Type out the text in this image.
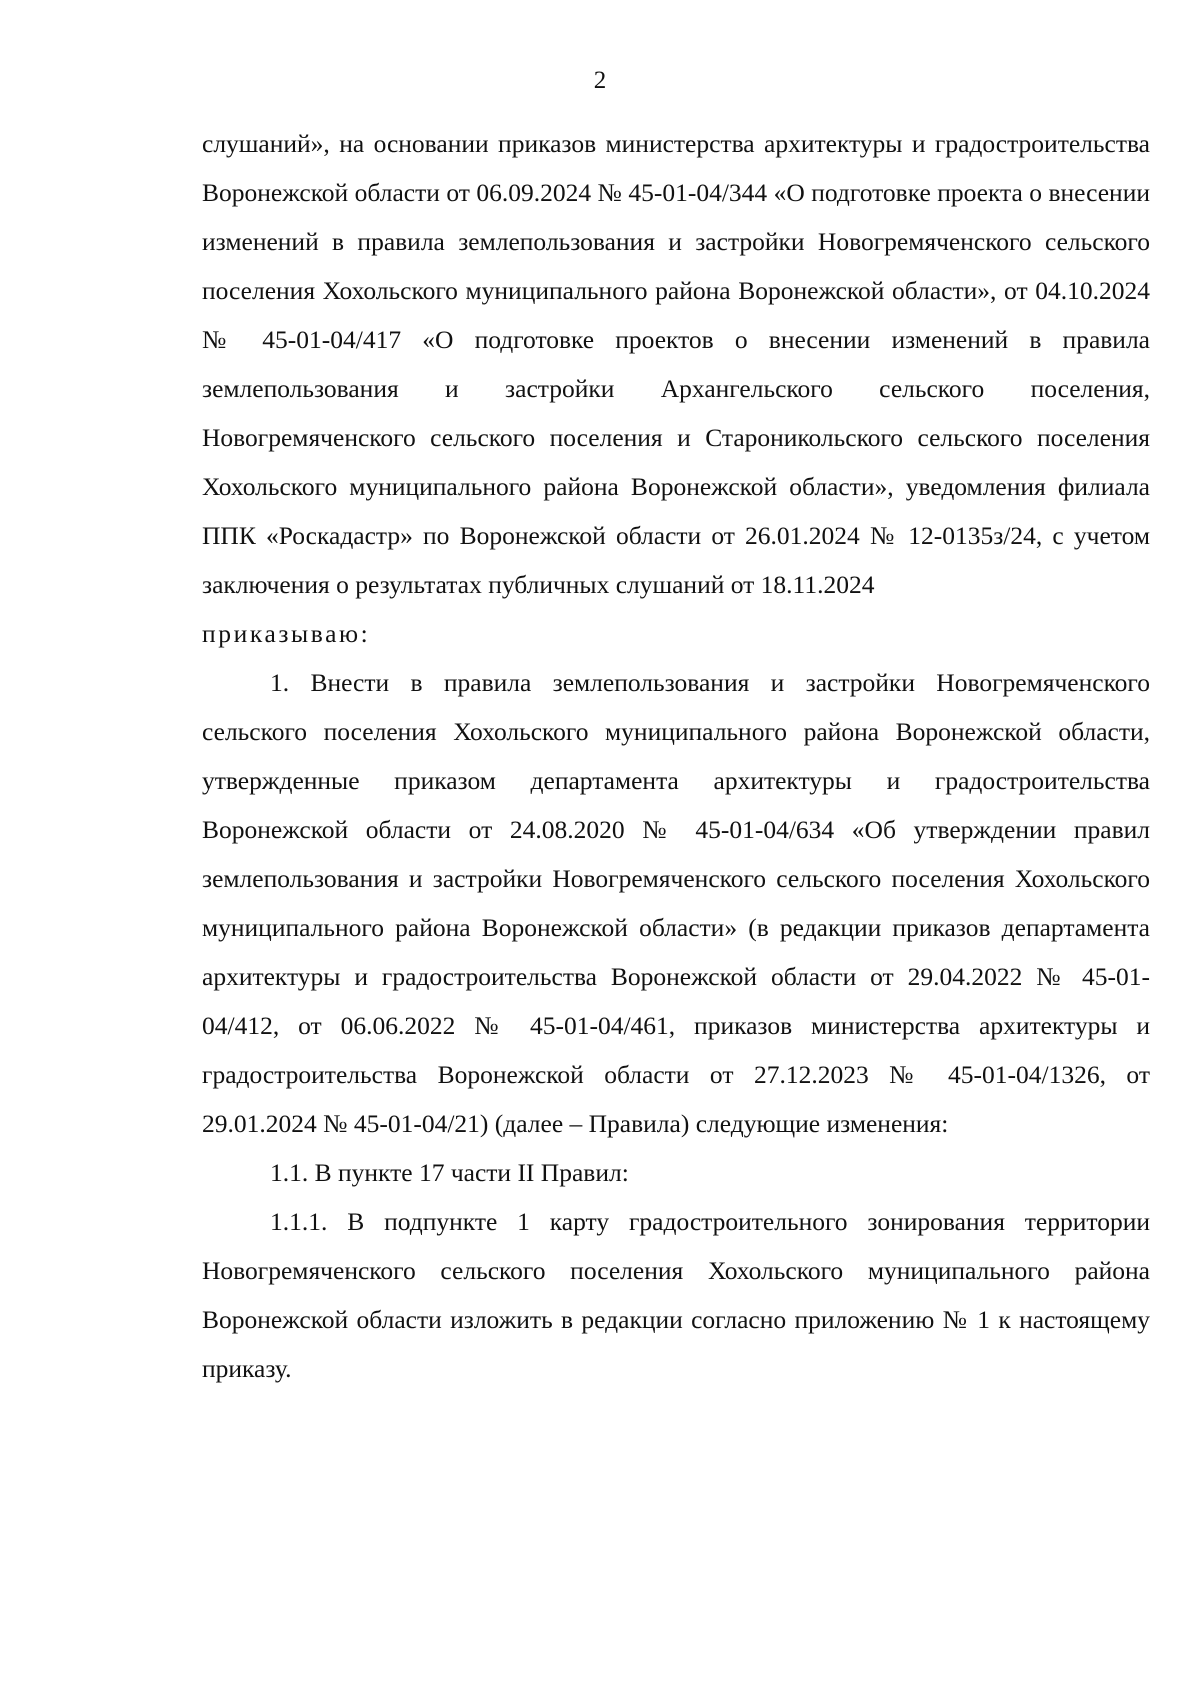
2

слушаний», на основании приказов министерства архитектуры и градостроительства Воронежской области от 06.09.2024 № 45-01-04/344 «О подготовке проекта о внесении изменений в правила землепользования и застройки Новогремяченского сельского поселения Хохольского муниципального района Воронежской области», от 04.10.2024 № 45-01-04/417 «О подготовке проектов о внесении изменений в правила землепользования и застройки Архангельского сельского поселения, Новогремяченского сельского поселения и Староникольского сельского поселения Хохольского муниципального района Воронежской области», уведомления филиала ППК «Роскадастр» по Воронежской области от 26.01.2024 № 12-0135з/24, с учетом заключения о результатах публичных слушаний от 18.11.2024

приказываю:

1. Внести в правила землепользования и застройки Новогремяченского сельского поселения Хохольского муниципального района Воронежской области, утвержденные приказом департамента архитектуры и градостроительства Воронежской области от 24.08.2020 № 45-01-04/634 «Об утверждении правил землепользования и застройки Новогремяченского сельского поселения Хохольского муниципального района Воронежской области» (в редакции приказов департамента архитектуры и градостроительства Воронежской области от 29.04.2022 № 45-01-04/412, от 06.06.2022 № 45-01-04/461, приказов министерства архитектуры и градостроительства Воронежской области от 27.12.2023 № 45-01-04/1326, от 29.01.2024 № 45-01-04/21) (далее – Правила) следующие изменения:

1.1. В пункте 17 части II Правил:

1.1.1. В подпункте 1 карту градостроительного зонирования территории Новогремяченского сельского поселения Хохольского муниципального района Воронежской области изложить в редакции согласно приложению № 1 к настоящему приказу.
